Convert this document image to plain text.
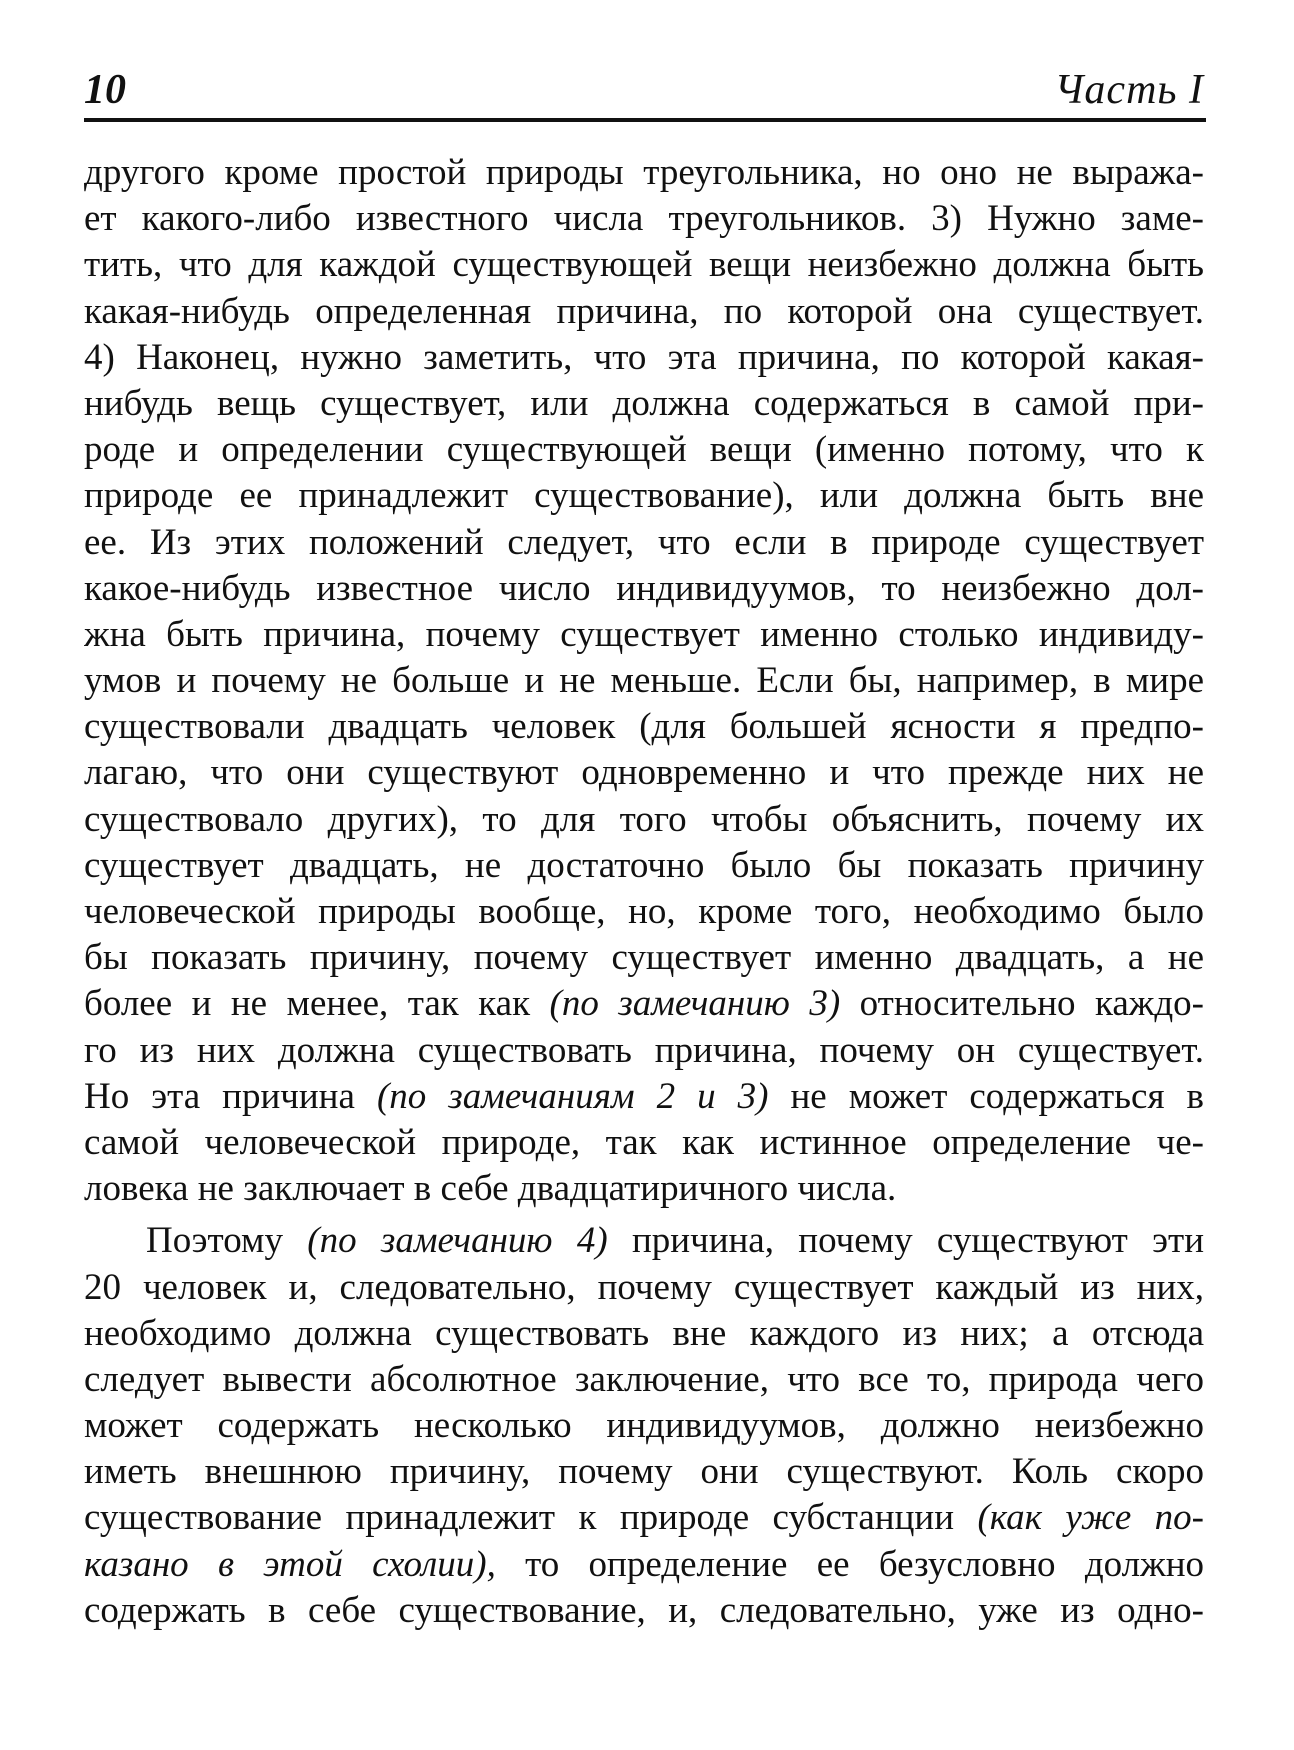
10	Часть I
другого кроме простой природы треугольника, но оно не выража-
ет какого-либо известного числа треугольников. 3) Нужно заме-
тить, что для каждой существующей вещи неизбежно должна быть
какая-нибудь определенная причина, по которой она существует.
4) Наконец, нужно заметить, что эта причина, по которой какая-
нибудь вещь существует, или должна содержаться в самой при-
роде и определении существующей вещи (именно потому, что к
природе ее принадлежит существование), или должна быть вне
ее. Из этих положений следует, что если в природе существует
какое-нибудь известное число индивидуумов, то неизбежно дол-
жна быть причина, почему существует именно столько индивиду-
умов и почему не больше и не меньше. Если бы, например, в мире
существовали двадцать человек (для большей ясности я предпо-
лагаю, что они существуют одновременно и что прежде них не
существовало других), то для того чтобы объяснить, почему их
существует двадцать, не достаточно было бы показать причину
человеческой природы вообще, но, кроме того, необходимо было
бы показать причину, почему существует именно двадцать, а не
более и не менее, так как (по замечанию 3) относительно каждо-
го из них должна существовать причина, почему он существует.
Но эта причина (по замечаниям 2 и 3) не может содержаться в
самой человеческой природе, так как истинное определение че-
ловека не заключает в себе двадцатиричного числа.
Поэтому (по замечанию 4) причина, почему существуют эти
20 человек и, следовательно, почему существует каждый из них,
необходимо должна существовать вне каждого из них; а отсюда
следует вывести абсолютное заключение, что все то, природа чего
может содержать несколько индивидуумов, должно неизбежно
иметь внешнюю причину, почему они существуют. Коль скоро
существование принадлежит к природе субстанции (как уже по-
казано в этой схолии), то определение ее безусловно должно
содержать в себе существование, и, следовательно, уже из одно-
